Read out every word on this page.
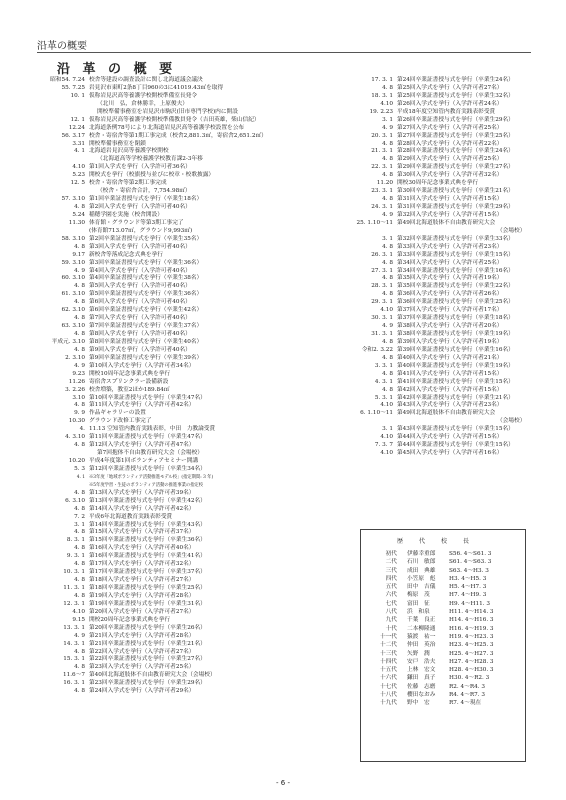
沿革の概要
沿 革 の 概 要
昭和54. 7.24 校舎等建設の調査設計に関し北海道議会議決
55. 7.25 岩見沢市東町2条8丁目960の3に41019.43㎡を取得
10. 1 仮称岩見沢高等養護学校開校準備室長発令
（北川　弘，倉林勝幸，上原俊夫）
開校準備事務室を岩見沢市駒沢(旧市専門学校)内に開設
12. 1 仮称岩見沢高等養護学校開校準備教員発令（吉田英雄，柴山信紀）
12.24 北海道条例78号により北海道岩見沢高等養護学校設置を公布
56. 3.17 校舎・寄宿舎等第1期工事完成（校舎2,881.3㎡，寄宿舎2,651.2㎡）
3.31 開校準備事務室を閉鎖
4. 1 北海道岩見沢高等養護学校開校
（北海道高等学校養護学校教育課2-3年移
4.10 第1回入学式を挙行（入学許可者36名）
5.23 開校式を挙行（校旗授与並びに校章・校歌披露）
12. 5 校舎・寄宿舎等第2期工事完成
（校舎・寄宿舎合計，7,754.98㎡）
57. 3.10 第1回卒業証書授与式を挙行（卒業生18名）
4. 8 第2回入学式を挙行（入学許可者40名）
5.24 稲穂学園を実施（校舎開設）
11.30 体育館・グラウンド等第3期工事完了
(体育館713.07㎡，グラウンド9,993㎡)
58. 3.10 第2回卒業証書授与式を挙行（卒業生35名）
4. 8 第3回入学式を挙行（入学許可者40名）
9.17 新校舎等落成記念式典を挙行
59. 3.10 第3回卒業証書授与式を挙行（卒業生36名）
4. 9 第4回入学式を挙行（入学許可者40名）
60. 3.10 第4回卒業証書授与式を挙行（卒業生38名）
4. 8 第5回入学式を挙行（入学許可者40名）
61. 3.10 第5回卒業証書授与式を挙行（卒業生36名）
4. 8 第6回入学式を挙行（入学許可者40名）
62. 3.10 第6回卒業証書授与式を挙行（卒業生42名）
4. 8 第7回入学式を挙行（入学許可者40名）
63. 3.10 第7回卒業証書授与式を挙行（卒業生37名）
4. 8 第8回入学式を挙行（入学許可者40名）
平成元. 3.10 第8回卒業証書授与式を挙行（卒業生40名）
4. 8 第9回入学式を挙行（入学許可者40名）
2. 3.10 第9回卒業証書授与式を挙行（卒業生39名）
4. 9 第10回入学式を挙行（入学許可者34名）
9.23 開校10周年記念事業式典を挙行
11.26 寄宿舎スプリンクラー設備新設
3. 2.26 校舎増築，教室2ほか189.84㎡
3.10 第10回卒業証書授与式を挙行（卒業生47名）
4. 8 第11回入学式を挙行（入学許可者42名）
9. 9 作品ギャラリーの設置
10.30 グラウンド改修工事完了
4. 11.13 空知管内教育実践表彰，中田　力教論受賞
4. 3.10 第11回卒業証書授与式を挙行（卒業生47名）
4. 8 第12回入学式を挙行（入学許可者47名）
第7回抱体不自由教育研究大会（会場校）
10.20 平成4年度第1回ボランティアセミナー開講
5. 3 第12回卒業証書授与式を挙行（卒業生34名）
4. 1 ※3年度「地域ボランティア活動推進モデル校」(指定期間: 3 年)
※5年度学習・生徒のボランティア活動の推進事業の指定校
4. 8 第13回入学式を挙行（入学許可者39名）
6. 3.10 第13回卒業証書授与式を挙行（卒業生42名）
4. 8 第14回入学式を挙行（入学許可者42名）
7. 2 平成6年北海道教育実践表彰受賞
3. 1 第14回卒業証書授与式を挙行（卒業生43名）
4. 8 第15回入学式を挙行（入学許可者37名）
8. 3. 1 第15回卒業証書授与式を挙行（卒業生36名）
4. 8 第16回入学式を挙行（入学許可者40名）
9. 3. 1 第16回卒業証書授与式を挙行（卒業生41名）
4. 8 第17回入学式を挙行（入学許可者32名）
10. 3. 1 第17回卒業証書授与式を挙行（卒業生37名）
4. 8 第18回入学式を挙行（入学許可者27名）
11. 3. 1 第18回卒業証書授与式を挙行（卒業生25名）
4. 8 第19回入学式を挙行（入学許可者28名）
12. 3. 1 第19回卒業証書授与式を挙行（卒業生31名）
4.10 第20回入学式を挙行（入学許可者27名）
9.15 開校20周年記念事業式典を挙行
13. 3. 1 第20回卒業証書授与式を挙行（卒業生26名）
4. 9 第21回入学式を挙行（入学許可者28名）
14. 3. 1 第21回卒業証書授与式を挙行（卒業生21名）
4. 8 第22回入学式を挙行（入学許可者27名）
15. 3. 1 第22回卒業証書授与式を挙行（卒業生27名）
4. 8 第23回入学式を挙行（入学許可者25名）
11.6〜7 第40回北海道肢体不自由教育研究大会（会場校）
16. 3. 1 第23回卒業証書授与式を挙行（卒業生29名）
4. 8 第24回入学式を挙行（入学許可者29名）
17. 3. 1 第24回卒業証書授与式を挙行（卒業生24名）
4. 8 第25回入学式を挙行（入学許可者27名）
18. 3. 1 第25回卒業証書授与式を挙行（卒業生32名）
4.10 第26回入学式を挙行（入学許可者24名）
19. 2.23 平成18年度空知管内教育実践表彰受賞
3. 1 第26回卒業証書授与式を挙行（卒業生29名）
4. 9 第27回入学式を挙行（入学許可者25名）
20. 3. 1 第27回卒業証書授与式を挙行（卒業生25名）
4. 8 第28回入学式を挙行（入学許可者22名）
21. 3. 1 第28回卒業証書授与式を挙行（卒業生24名）
4. 8 第29回入学式を挙行（入学許可者25名）
22. 3. 1 第29回卒業証書授与式を挙行（卒業生27名）
4. 8 第30回入学式を挙行（入学許可者32名）
11.20 開校30周年記念事業式典を挙行
23. 3. 1 第30回卒業証書授与式を挙行（卒業生21名）
4. 8 第31回入学式を挙行（入学許可者15名）
24. 3. 1 第31回卒業証書授与式を挙行（卒業生29名）
4. 9 第32回入学式を挙行（入学許可者15名）
25. 1.10〜11 第49回北海道肢体不自由教育研究大会
（会場校）
3. 1 第32回卒業証書授与式を挙行（卒業生33名）
4. 8 第33回入学式を挙行（入学許可者23名）
26. 3. 1 第33回卒業証書授与式を挙行（卒業生15名）
4. 8 第34回入学式を挙行（入学許可者25名）
27. 3. 1 第34回卒業証書授与式を挙行（卒業生16名）
4. 8 第35回入学式を挙行（入学許可者19名）
28. 3. 1 第35回卒業証書授与式を挙行（卒業生22名）
4. 8 第36回入学式を挙行（入学許可者26名）
29. 3. 1 第36回卒業証書授与式を挙行（卒業生25名）
4.10 第37回入学式を挙行（入学許可者17名）
30. 3. 1 第37回卒業証書授与式を挙行（卒業生18名）
4. 9 第38回入学式を挙行（入学許可者20名）
31. 3. 1 第38回卒業証書授与式を挙行（卒業生19名）
4. 8 第39回入学式を挙行（入学許可者19名）
令和2. 3.22 第39回卒業証書授与式を挙行（卒業生16名）
4. 8 第40回入学式を挙行（入学許可者21名）
3. 3. 1 第40回卒業証書授与式を挙行（卒業生19名）
4. 8 第41回入学式を挙行（入学許可者15名）
4. 3. 1 第41回卒業証書授与式を挙行（卒業生15名）
4. 8 第42回入学式を挙行（入学許可者15名）
5. 3. 1 第42回卒業証書授与式を挙行（卒業生21名）
4.10 第43回入学式を挙行（入学許可者23名）
6. 1.10〜11 第49回北海道肢体不自由教育研究大会
（会場校）
3. 1 第43回卒業証書授与式を挙行（卒業生15名）
4.10 第44回入学式を挙行（入学許可者15名）
7. 3. 7 第44回卒業証書授与式を挙行（卒業生15名）
4.10 第45回入学式を挙行（入学許可者16名）
歴　代　校　長
初代	伊藤幸重郎	S56. 4〜S61. 3
二代	石川　敏郎	S61. 4〜S63. 3
三代	成田　典雄	S63. 4〜H3. 3
四代	小笠原　彪	H3. 4〜H5. 3
五代	田中　吉儀	H5. 4〜H7. 3
六代	梅原　茂	H7. 4〜H9. 3
七代	富田　征	H9. 4〜H11. 3
八代	浜　和泉	H11. 4〜H14. 3
九代	千葉　良正	H14. 4〜H16. 3
十代	二本柳隆通	H16. 4〜H19. 3
十一代	猿渡　祐一	H19. 4〜H23. 3
十二代	仲田　英治	H23. 4〜H25. 3
十三代	矢野　潤	H25. 4〜H27. 3
十四代	安戸　浩夫	H27. 4〜H28. 3
十五代	上林　宏文	H28. 4〜H30. 3
十六代	鎌田　真子	H30. 4〜R2. 3
十七代	佐藤　志磨	R2. 4〜R4. 3
十八代	櫻田なおみ	R4. 4〜R7. 3
十九代	野中　宏	R7. 4〜現在
- 6 -
